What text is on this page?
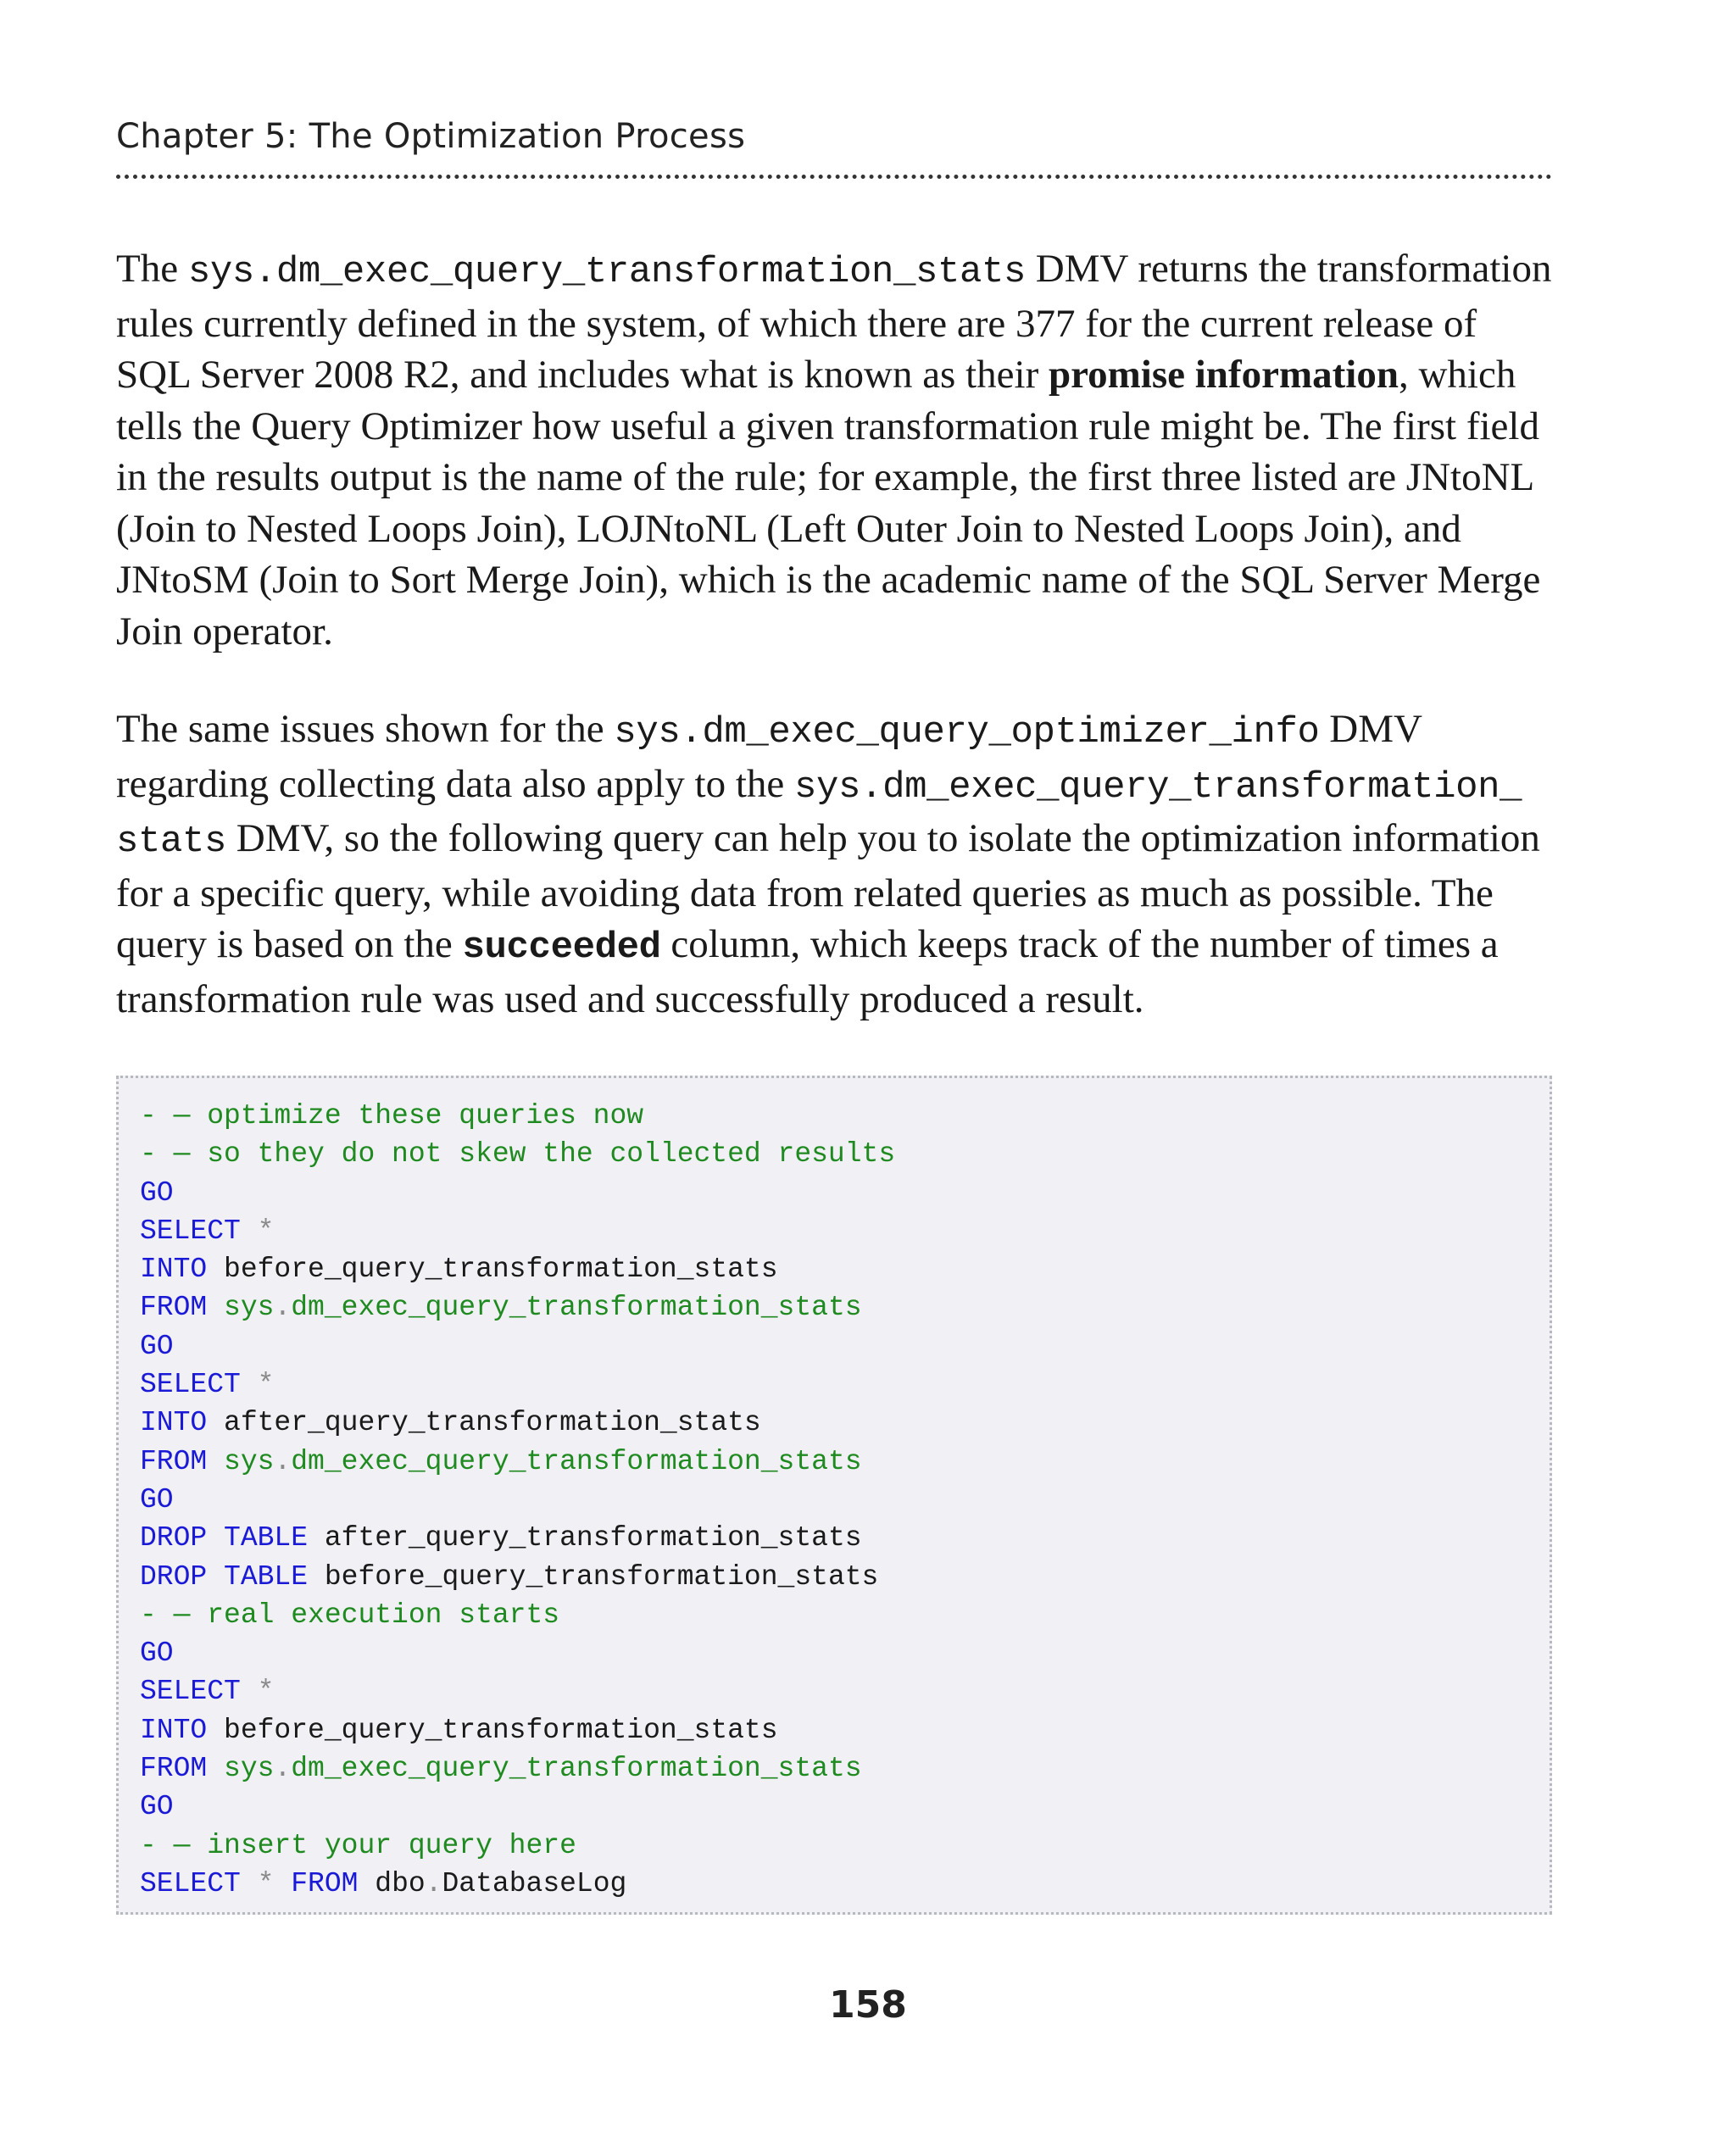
Chapter 5: The Optimization Process
The sys.dm_exec_query_transformation_stats DMV returns the transformation rules currently defined in the system, of which there are 377 for the current release of SQL Server 2008 R2, and includes what is known as their promise information, which tells the Query Optimizer how useful a given transformation rule might be. The first field in the results output is the name of the rule; for example, the first three listed are JNtoNL (Join to Nested Loops Join), LOJNtoNL (Left Outer Join to Nested Loops Join), and JNtoSM (Join to Sort Merge Join), which is the academic name of the SQL Server Merge Join operator.
The same issues shown for the sys.dm_exec_query_optimizer_info DMV regarding collecting data also apply to the sys.dm_exec_query_transformation_
stats DMV, so the following query can help you to isolate the optimization information for a specific query, while avoiding data from related queries as much as possible. The query is based on the succeeded column, which keeps track of the number of times a transformation rule was used and successfully produced a result.
- — optimize these queries now
- — so they do not skew the collected results
GO
SELECT *
INTO before_query_transformation_stats
FROM sys.dm_exec_query_transformation_stats
GO
SELECT *
INTO after_query_transformation_stats
FROM sys.dm_exec_query_transformation_stats
GO
DROP TABLE after_query_transformation_stats
DROP TABLE before_query_transformation_stats
- — real execution starts
GO
SELECT *
INTO before_query_transformation_stats
FROM sys.dm_exec_query_transformation_stats
GO
- — insert your query here
SELECT * FROM dbo.DatabaseLog
158
